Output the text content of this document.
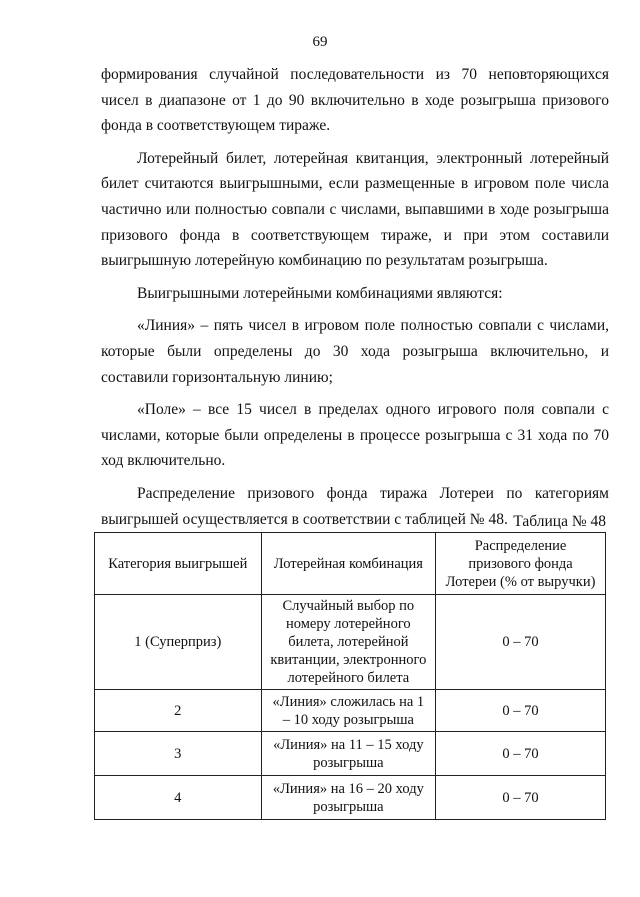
69

формирования случайной последовательности из 70 неповторяющихся чисел в диапазоне от 1 до 90 включительно в ходе розыгрыша призового фонда в соответствующем тираже.

Лотерейный билет, лотерейная квитанция, электронный лотерейный билет считаются выигрышными, если размещенные в игровом поле числа частично или полностью совпали с числами, выпавшими в ходе розыгрыша призового фонда в соответствующем тираже, и при этом составили выигрышную лотерейную комбинацию по результатам розыгрыша.

Выигрышными лотерейными комбинациями являются:

«Линия» – пять чисел в игровом поле полностью совпали с числами, которые были определены до 30 хода розыгрыша включительно, и составили горизонтальную линию;

«Поле» – все 15 чисел в пределах одного игрового поля совпали с числами, которые были определены в процессе розыгрыша с 31 хода по 70 ход включительно.

Распределение призового фонда тиража Лотереи по категориям выигрышей осуществляется в соответствии с таблицей № 48. Таблица № 48
Категория выигрышей	Лотерейная комбинация	Распределение призового фонда Лотереи (% от выручки)
1 (Суперприз)	Случайный выбор по номеру лотерейного билета, лотерейной квитанции, электронного лотерейного билета	0 – 70
2	«Линия» сложилась на 1 – 10 ходу розыгрыша	0 – 70
3	«Линия» на 11 – 15 ходу розыгрыша	0 – 70
4	«Линия» на 16 – 20 ходу розыгрыша	0 – 70
